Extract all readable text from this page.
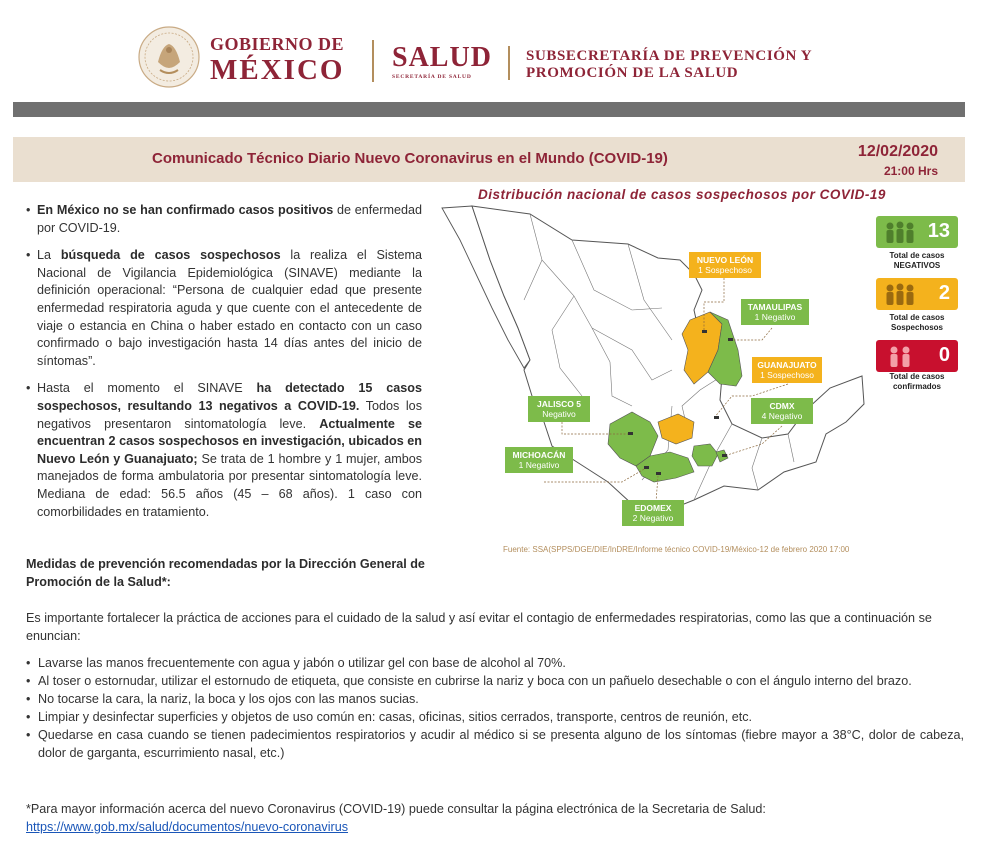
GOBIERNO DE
MÉXICO SALUD
SECRETARÍA DE SALUD
SUBSECRETARÍA DE PREVENCIÓN Y
PROMOCIÓN DE LA SALUD
Comunicado Técnico Diario Nuevo Coronavirus en el Mundo (COVID-19)	12/02/2020
21:00 Hrs
• En México no se han confirmado casos positivos de enfermedad por COVID-19.
• La búsqueda de casos sospechosos la realiza el Sistema Nacional de Vigilancia Epidemiológica (SINAVE) mediante la definición operacional: “Persona de cualquier edad que presente enfermedad respiratoria aguda y que cuente con el antecedente de viaje o estancia en China o haber estado en contacto con un caso confirmado o bajo investigación hasta 14 días antes del inicio de síntomas”.
• Hasta el momento el SINAVE ha detectado 15 casos sospechosos, resultando 13 negativos a COVID-19. Todos los negativos presentaron sintomatología leve. Actualmente se encuentran 2 casos sospechosos en investigación, ubicados en Nuevo León y Guanajuato; Se trata de 1 hombre y 1 mujer, ambos manejados de forma ambulatoria por presentar sintomatología leve. Mediana de edad: 56.5 años (45 – 68 años). 1 caso con comorbilidades en tratamiento.
Distribución nacional de casos sospechosos por COVID-19
NUEVO LEÓN
1 Sospechoso
TAMAULIPAS
1 Negativo
GUANAJUATO
1 Sospechoso
JALISCO 5
Negativo
CDMX
4 Negativo
MICHOACÁN
1 Negativo
EDOMEX
2 Negativo
Fuente: SSA(SPPS/DGE/DIE/InDRE/Informe técnico COVID-19/México-12 de febrero 2020 17:00
13
Total de casos
NEGATIVOS
2
Total de casos
Sospechosos
0
Total de casos
confirmados
Medidas de prevención recomendadas por la Dirección General de Promoción de la Salud*:
Es importante fortalecer la práctica de acciones para el cuidado de la salud y así evitar el contagio de enfermedades respiratorias, como las que a continuación se enuncian:
• Lavarse las manos frecuentemente con agua y jabón o utilizar gel con base de alcohol al 70%.
• Al toser o estornudar, utilizar el estornudo de etiqueta, que consiste en cubrirse la nariz y boca con un pañuelo desechable o con el ángulo interno del brazo.
• No tocarse la cara, la nariz, la boca y los ojos con las manos sucias.
• Limpiar y desinfectar superficies y objetos de uso común en: casas, oficinas, sitios cerrados, transporte, centros de reunión, etc.
• Quedarse en casa cuando se tienen padecimientos respiratorios y acudir al médico si se presenta alguno de los síntomas (fiebre mayor a 38°C, dolor de cabeza, dolor de garganta, escurrimiento nasal, etc.)
*Para mayor información acerca del nuevo Coronavirus (COVID-19) puede consultar la página electrónica de la Secretaria de Salud:
https://www.gob.mx/salud/documentos/nuevo-coronavirus
